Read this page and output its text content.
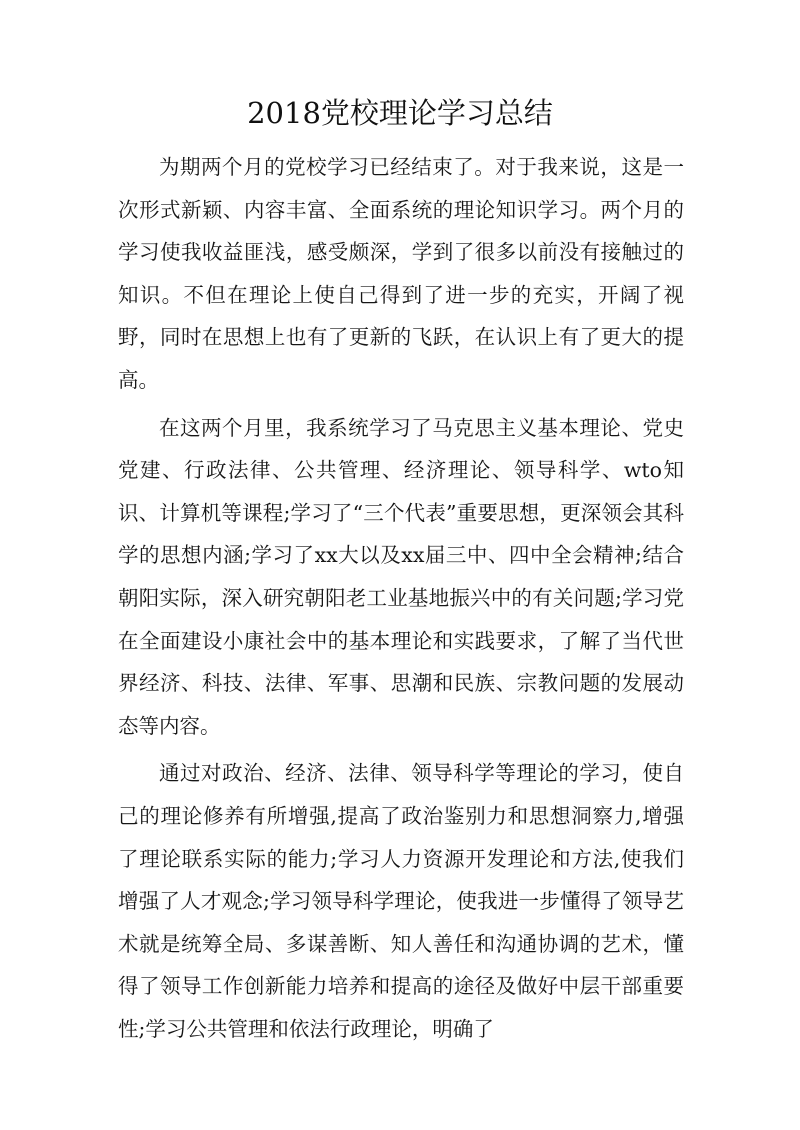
2018党校理论学习总结

为期两个月的党校学习已经结束了。对于我来说，这是一次形式新颖、内容丰富、全面系统的理论知识学习。两个月的学习使我收益匪浅，感受颇深，学到了很多以前没有接触过的知识。不但在理论上使自己得到了进一步的充实，开阔了视野，同时在思想上也有了更新的飞跃，在认识上有了更大的提高。

在这两个月里，我系统学习了马克思主义基本理论、党史党建、行政法律、公共管理、经济理论、领导科学、wto知识、计算机等课程;学习了“三个代表”重要思想，更深领会其科学的思想内涵;学习了xx大以及xx届三中、四中全会精神;结合朝阳实际，深入研究朝阳老工业基地振兴中的有关问题;学习党在全面建设小康社会中的基本理论和实践要求，了解了当代世界经济、科技、法律、军事、思潮和民族、宗教问题的发展动态等内容。

通过对政治、经济、法律、领导科学等理论的学习，使自己的理论修养有所增强,提高了政治鉴别力和思想洞察力,增强了理论联系实际的能力;学习人力资源开发理论和方法,使我们增强了人才观念;学习领导科学理论，使我进一步懂得了领导艺术就是统筹全局、多谋善断、知人善任和沟通协调的艺术，懂得了领导工作创新能力培养和提高的途径及做好中层干部重要性;学习公共管理和依法行政理论，明确了
